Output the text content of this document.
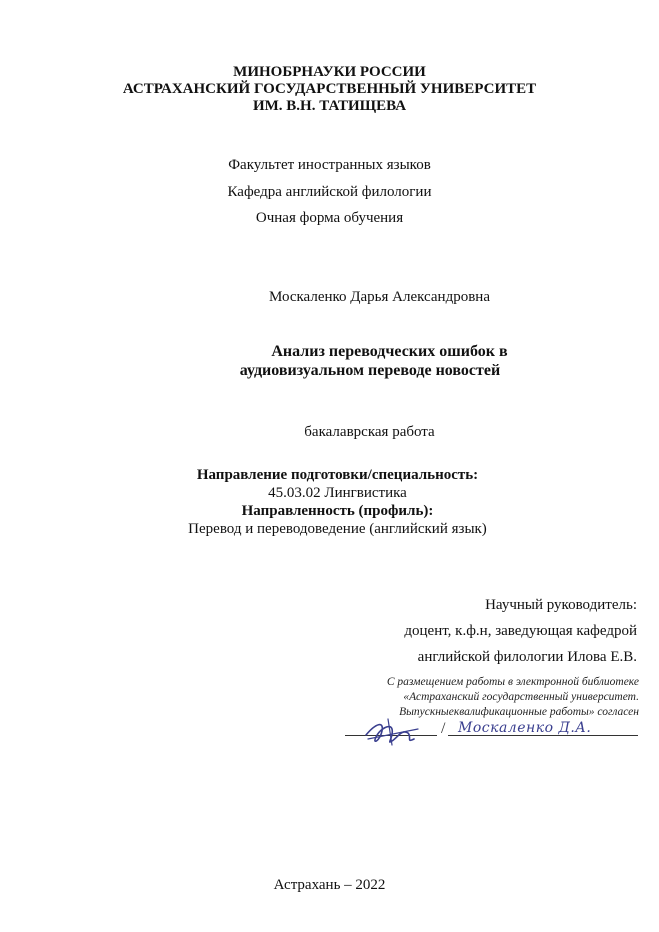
МИНОБРНАУКИ РОССИИ
АСТРАХАНСКИЙ ГОСУДАРСТВЕННЫЙ УНИВЕРСИТЕТ
ИМ. В.Н. ТАТИЩЕВА
Факультет иностранных языков
Кафедра английской филологии
Очная форма обучения
Москаленко Дарья Александровна
Анализ переводческих ошибок в
аудиовизуальном переводе новостей
бакалаврская работа
Направление подготовки/специальность:
45.03.02 Лингвистика
Направленность (профиль):
Перевод и переводоведение (английский язык)
Научный руководитель:
доцент, к.ф.н, заведующая кафедрой
английской филологии Илова Е.В.
С размещением работы в электронной библиотеке
«Астраханский государственный университет.
Выпускныеквалификационные работы» согласен
/ Москаленко Д.А.
Астрахань – 2022
